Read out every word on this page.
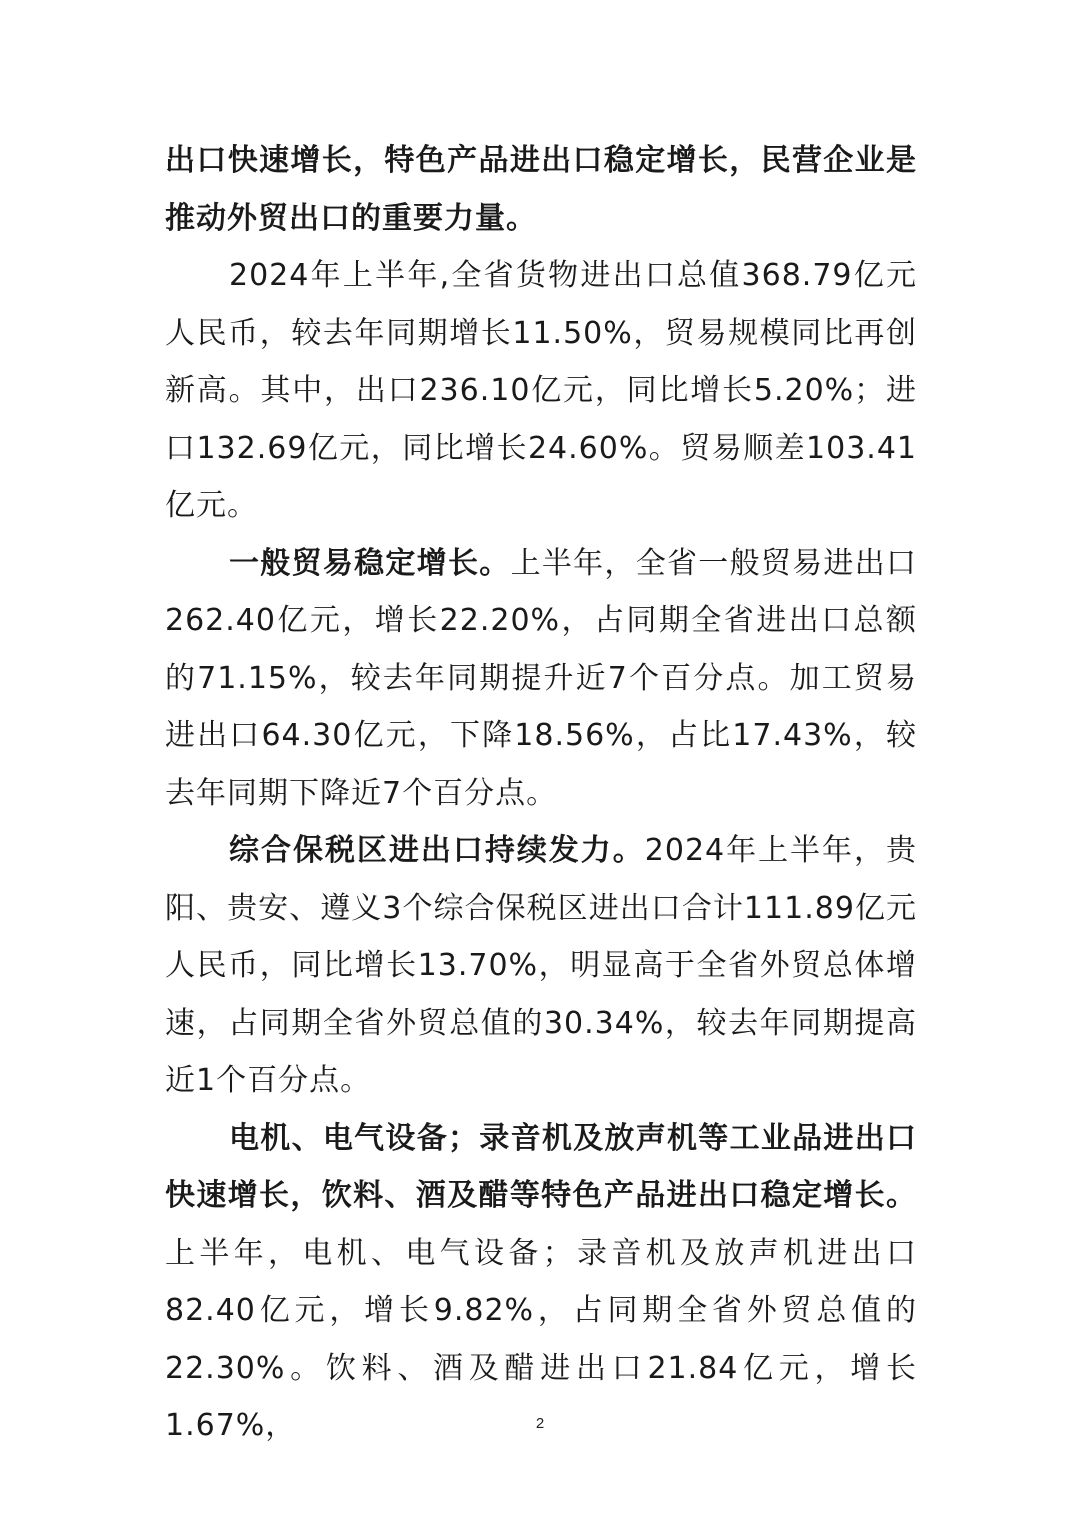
出口快速增长，特色产品进出口稳定增长，民营企业是推动外贸出口的重要力量。

2024年上半年,全省货物进出口总值368.79亿元人民币，较去年同期增长11.50%，贸易规模同比再创新高。其中，出口236.10亿元，同比增长5.20%；进口132.69亿元，同比增长24.60%。贸易顺差103.41亿元。

一般贸易稳定增长。上半年，全省一般贸易进出口262.40亿元，增长22.20%，占同期全省进出口总额的71.15%，较去年同期提升近7个百分点。加工贸易进出口64.30亿元，下降18.56%，占比17.43%，较去年同期下降近7个百分点。

综合保税区进出口持续发力。2024年上半年，贵阳、贵安、遵义3个综合保税区进出口合计111.89亿元人民币，同比增长13.70%，明显高于全省外贸总体增速，占同期全省外贸总值的30.34%，较去年同期提高近1个百分点。

电机、电气设备；录音机及放声机等工业品进出口快速增长，饮料、酒及醋等特色产品进出口稳定增长。上半年，电机、电气设备；录音机及放声机进出口82.40亿元，增长9.82%，占同期全省外贸总值的22.30%。饮料、酒及醋进出口21.84亿元，增长1.67%，	2
